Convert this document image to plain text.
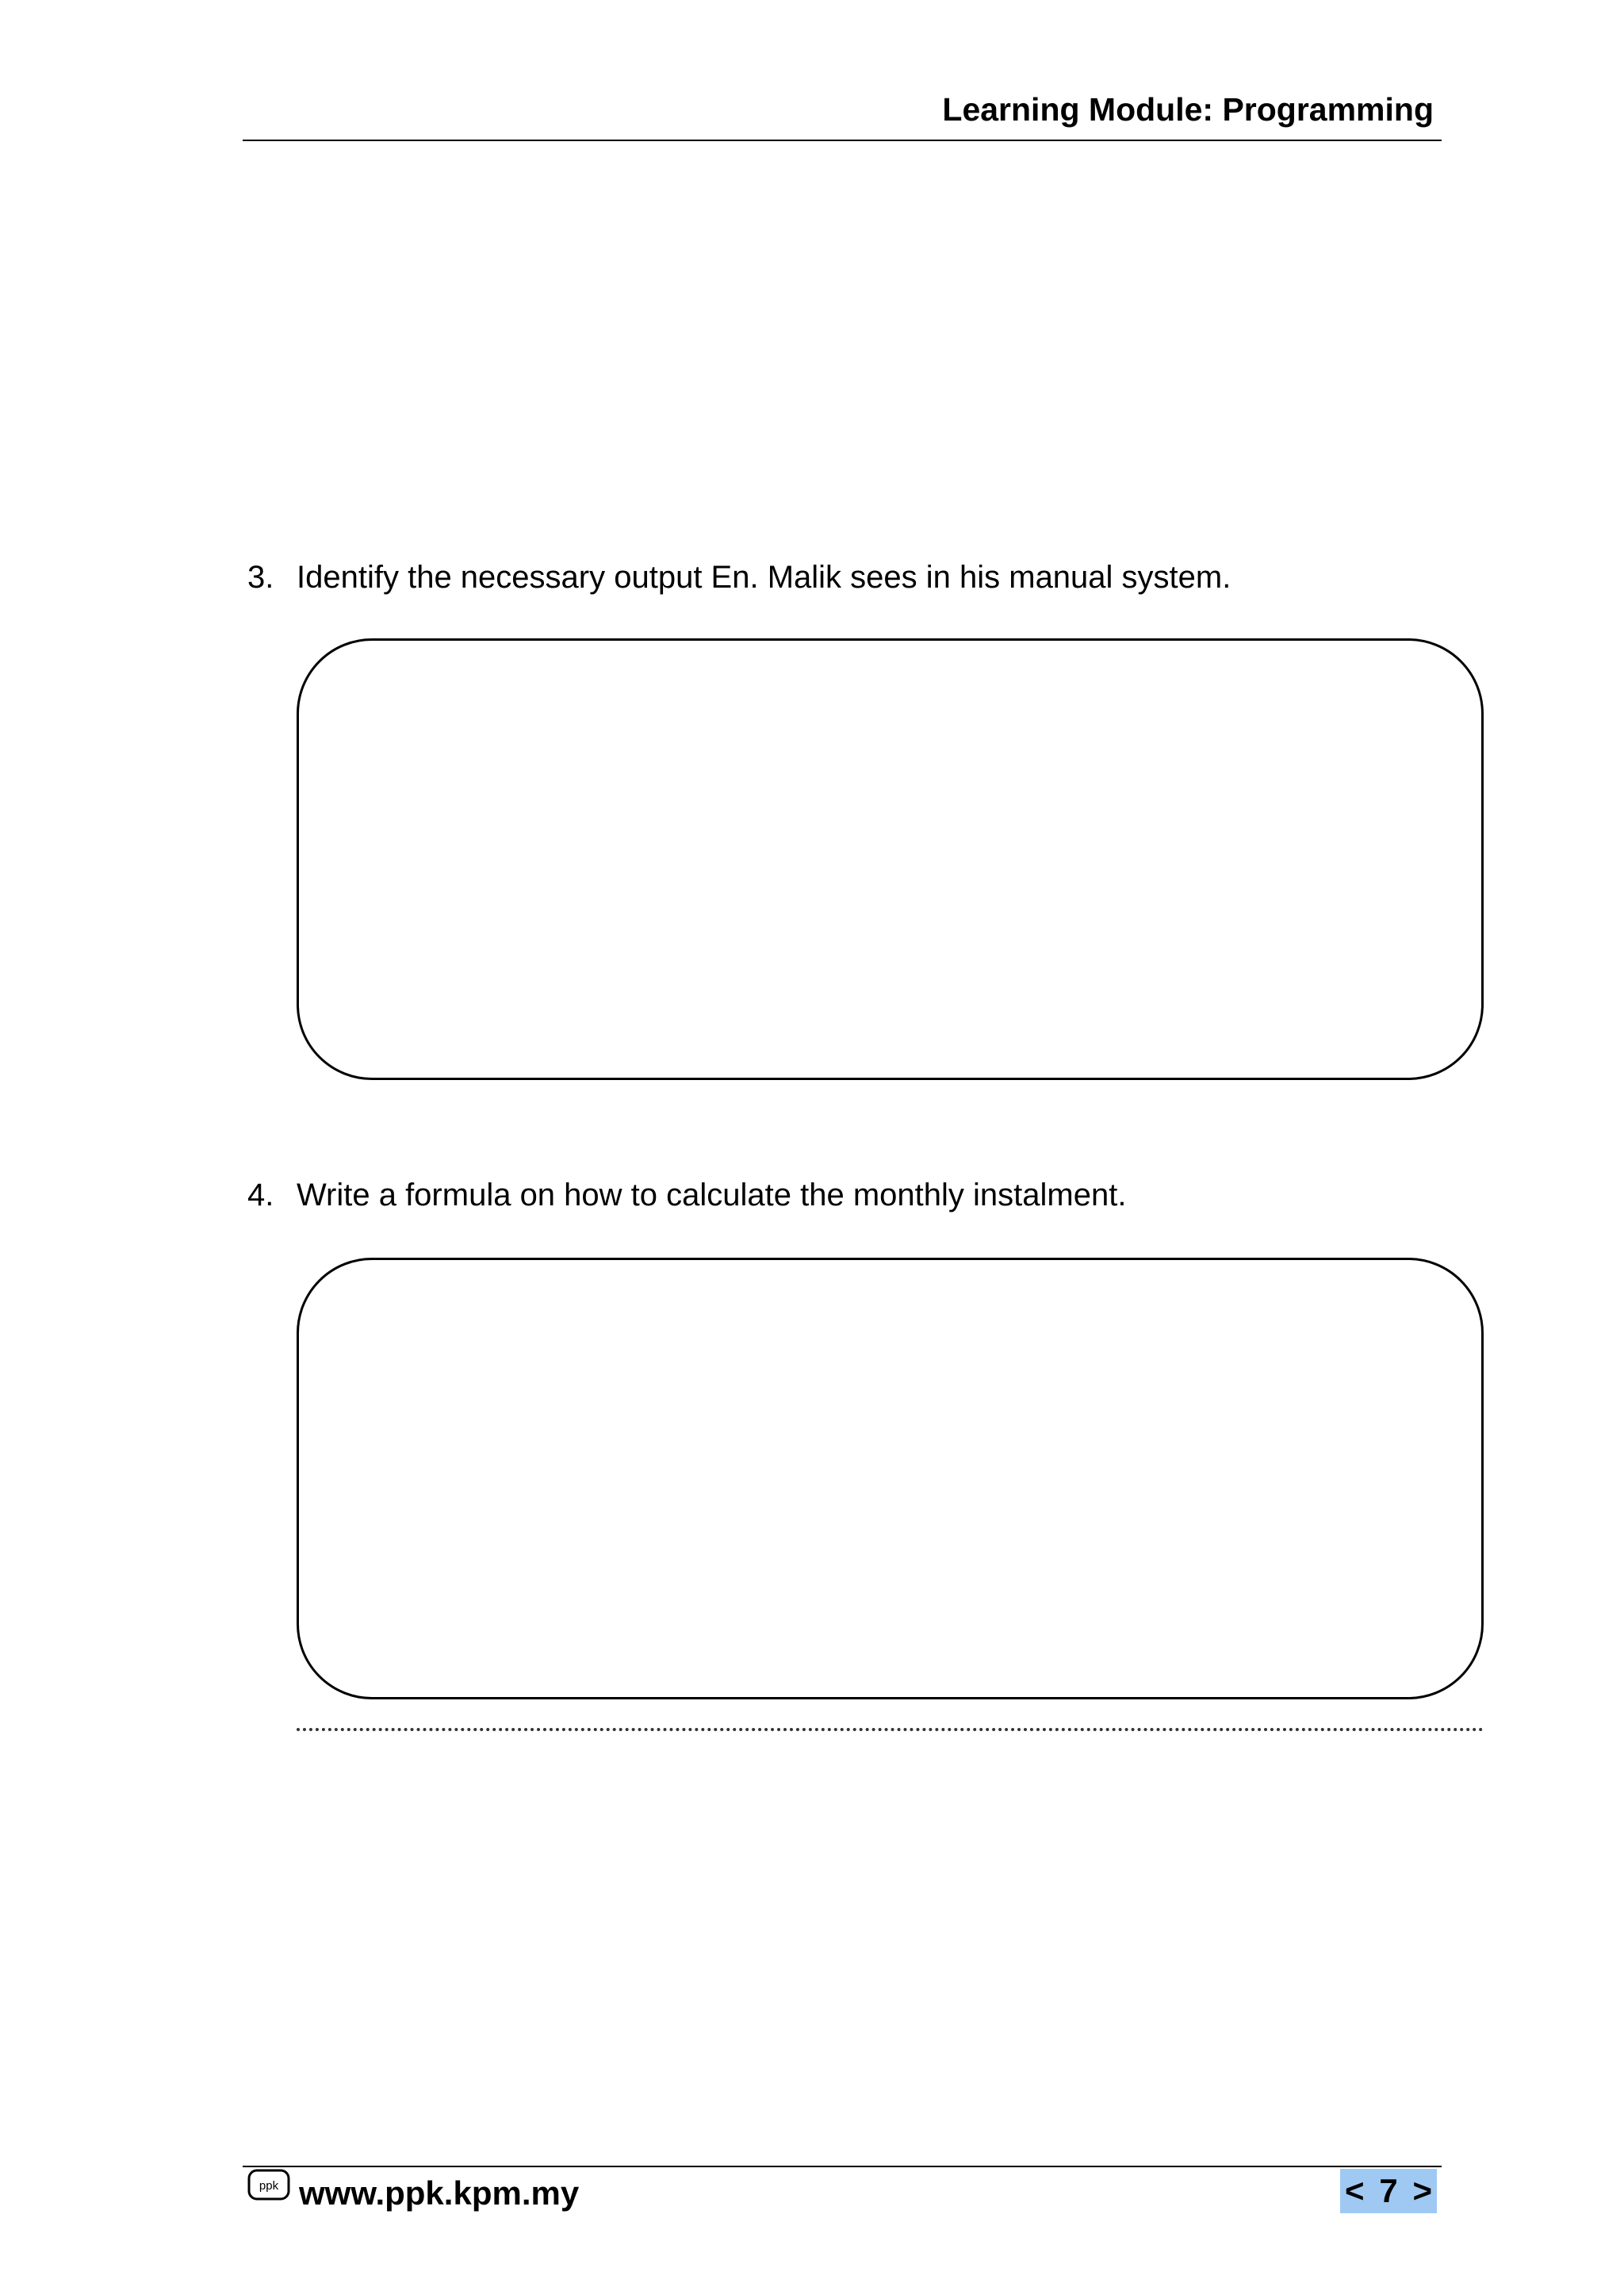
Learning Module: Programming
3. Identify the necessary output En. Malik sees in his manual system.
4. Write a formula on how to calculate the monthly instalment.
ppk www.ppk.kpm.my	< 7 >
